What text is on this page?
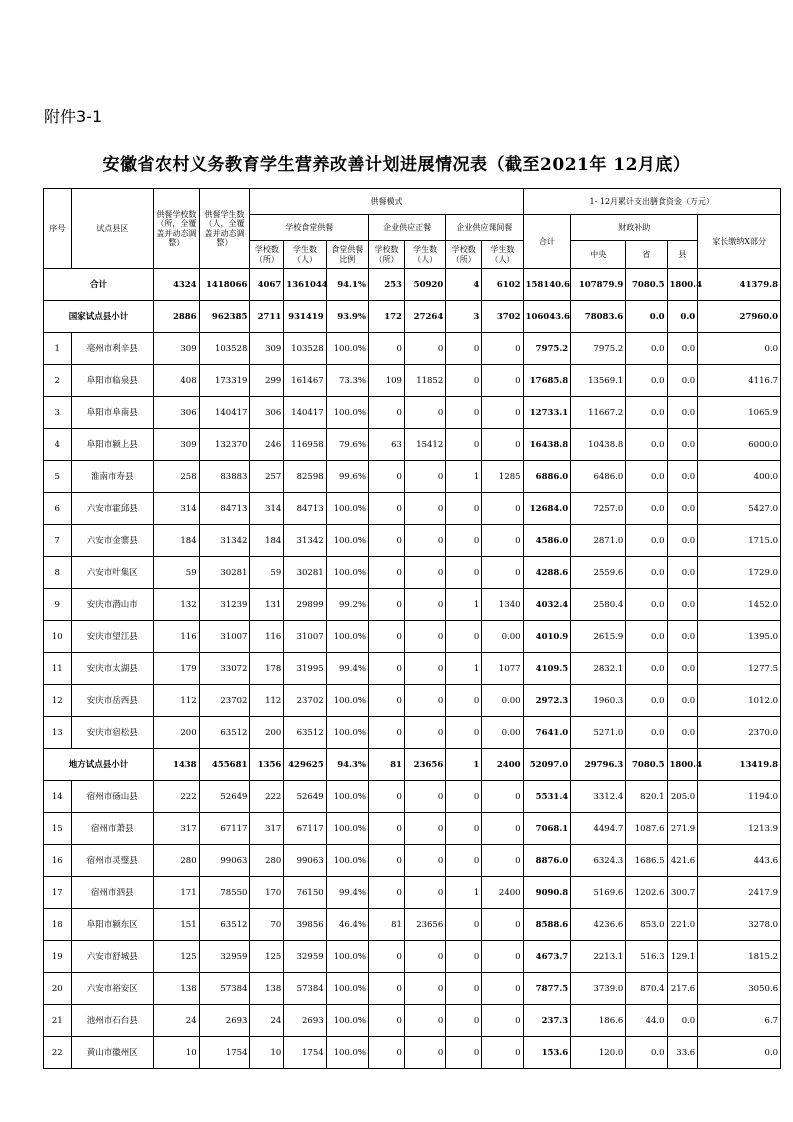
附件3-1
安徽省农村义务教育学生营养改善计划进展情况表（截至2021年 12月底）
序号	试点县区	供餐学校数（所，全覆盖并动态调整）	供餐学生数（人，全覆盖并动态调整）	供餐模式							1- 12月累计支出膳食资金（万元）				
				学校食堂供餐			企业供应正餐		企业供应课间餐		合计	财政补助			家长缴纳X部分
				学校数（所）	学生数（人）	食堂供餐比例	学校数（所）	学生数（人）	学校数（所）	学生数（人）		中央	省	县	
合计		4324	1418066	4067	1361044	94.1%	253	50920	4	6102	158140.6	107879.9	7080.5	1800.4	41379.8
国家试点县小计		2886	962385	2711	931419	93.9%	172	27264	3	3702	106043.6	78083.6	0.0	0.0	27960.0
1	亳州市利辛县	309	103528	309	103528	100.0%	0	0	0	0	7975.2	7975.2	0.0	0.0	0.0
2	阜阳市临泉县	408	173319	299	161467	73.3%	109	11852	0	0	17685.8	13569.1	0.0	0.0	4116.7
3	阜阳市阜南县	306	140417	306	140417	100.0%	0	0	0	0	12733.1	11667.2	0.0	0.0	1065.9
4	阜阳市颍上县	309	132370	246	116958	79.6%	63	15412	0	0	16438.8	10438.8	0.0	0.0	6000.0
5	淮南市寿县	258	83883	257	82598	99.6%	0	0	1	1285	6886.0	6486.0	0.0	0.0	400.0
6	六安市霍邱县	314	84713	314	84713	100.0%	0	0	0	0	12684.0	7257.0	0.0	0.0	5427.0
7	六安市金寨县	184	31342	184	31342	100.0%	0	0	0	0	4586.0	2871.0	0.0	0.0	1715.0
8	六安市叶集区	59	30281	59	30281	100.0%	0	0	0	0	4288.6	2559.6	0.0	0.0	1729.0
9	安庆市潜山市	132	31239	131	29899	99.2%	0	0	1	1340	4032.4	2580.4	0.0	0.0	1452.0
10	安庆市望江县	116	31007	116	31007	100.0%	0	0	0	0.00	4010.9	2615.9	0.0	0.0	1395.0
11	安庆市太湖县	179	33072	178	31995	99.4%	0	0	1	1077	4109.5	2832.1	0.0	0.0	1277.5
12	安庆市岳西县	112	23702	112	23702	100.0%	0	0	0	0.00	2972.3	1960.3	0.0	0.0	1012.0
13	安庆市宿松县	200	63512	200	63512	100.0%	0	0	0	0.00	7641.0	5271.0	0.0	0.0	2370.0
地方试点县小计		1438	455681	1356	429625	94.3%	81	23656	1	2400	52097.0	29796.3	7080.5	1800.4	13419.8
14	宿州市砀山县	222	52649	222	52649	100.0%	0	0	0	0	5531.4	3312.4	820.1	205.0	1194.0
15	宿州市萧县	317	67117	317	67117	100.0%	0	0	0	0	7068.1	4494.7	1087.6	271.9	1213.9
16	宿州市灵璧县	280	99063	280	99063	100.0%	0	0	0	0	8876.0	6324.3	1686.5	421.6	443.6
17	宿州市泗县	171	78550	170	76150	99.4%	0	0	1	2400	9090.8	5169.6	1202.6	300.7	2417.9
18	阜阳市颍东区	151	63512	70	39856	46.4%	81	23656	0	0	8588.6	4236.6	853.0	221.0	3278.0
19	六安市舒城县	125	32959	125	32959	100.0%	0	0	0	0	4673.7	2213.1	516.3	129.1	1815.2
20	六安市裕安区	138	57384	138	57384	100.0%	0	0	0	0	7877.5	3739.0	870.4	217.6	3050.6
21	池州市石台县	24	2693	24	2693	100.0%	0	0	0	0	237.3	186.6	44.0	0.0	6.7
22	黄山市徽州区	10	1754	10	1754	100.0%	0	0	0	0	153.6	120.0	0.0	33.6	0.0
